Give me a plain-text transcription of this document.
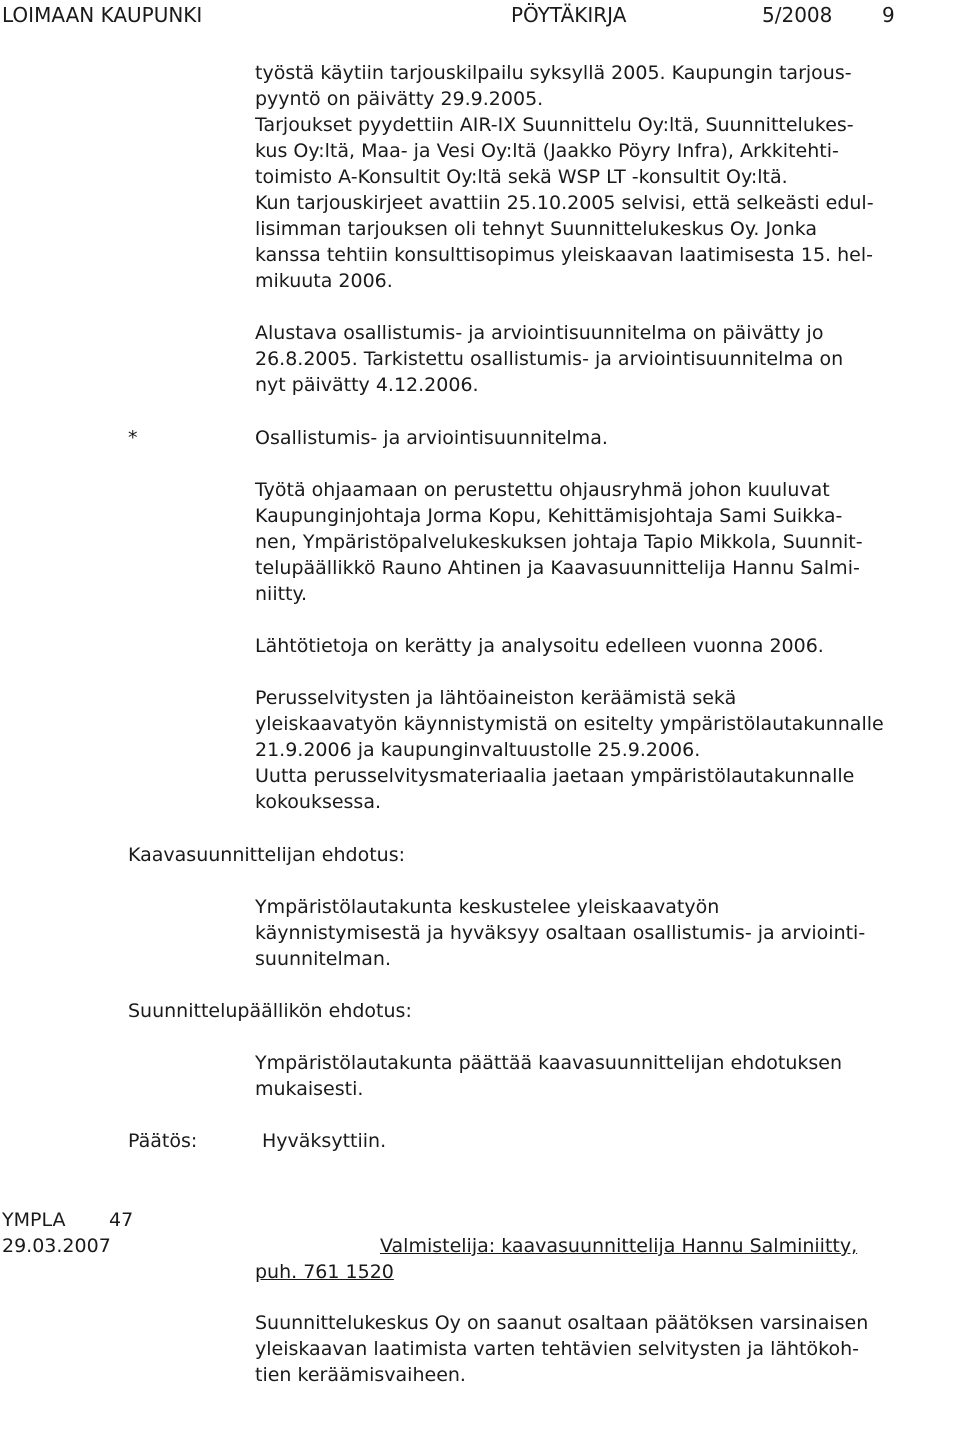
LOIMAAN KAUPUNKI	PÖYTÄKIRJA	5/2008 9
työstä käytiin tarjouskilpailu syksyllä 2005. Kaupungin tarjous-
pyyntö on päivätty 29.9.2005.
Tarjoukset pyydettiin AIR-IX Suunnittelu Oy:ltä, Suunnittelukes-
kus Oy:ltä, Maa- ja Vesi Oy:ltä (Jaakko Pöyry Infra), Arkkitehti-
toimisto A-Konsultit Oy:ltä sekä WSP LT -konsultit Oy:ltä.
Kun tarjouskirjeet avattiin 25.10.2005 selvisi, että selkeästi edul-
lisimman tarjouksen oli tehnyt Suunnittelukeskus Oy. Jonka
kanssa tehtiin konsulttisopimus yleiskaavan laatimisesta 15. hel-
mikuuta 2006.
Alustava osallistumis- ja arviointisuunnitelma on päivätty jo
26.8.2005. Tarkistettu osallistumis- ja arviointisuunnitelma on
nyt päivätty 4.12.2006.
*	Osallistumis- ja arviointisuunnitelma.
Työtä ohjaamaan on perustettu ohjausryhmä johon kuuluvat
Kaupunginjohtaja Jorma Kopu, Kehittämisjohtaja Sami Suikka-
nen, Ympäristöpalvelukeskuksen johtaja Tapio Mikkola, Suunnit-
telupäällikkö Rauno Ahtinen ja Kaavasuunnittelija Hannu Salmi-
niitty.
Lähtötietoja on kerätty ja analysoitu edelleen vuonna 2006.
Perusselvitysten ja lähtöaineiston keräämistä sekä
yleiskaavatyön käynnistymistä on esitelty ympäristölautakunnalle
21.9.2006 ja kaupunginvaltuustolle 25.9.2006.
Uutta perusselvitysmateriaalia jaetaan ympäristölautakunnalle
kokouksessa.
Kaavasuunnittelijan ehdotus:
Ympäristölautakunta keskustelee yleiskaavatyön
käynnistymisestä ja hyväksyy osaltaan osallistumis- ja arviointi-
suunnitelman.
Suunnittelupäällikön ehdotus:
Ympäristölautakunta päättää kaavasuunnittelijan ehdotuksen
mukaisesti.
Päätös:	Hyväksyttiin.
YMPLA 47
29.03.2007	Valmistelija: kaavasuunnittelija Hannu Salminiitty,
puh. 761 1520
Suunnittelukeskus Oy on saanut osaltaan päätöksen varsinaisen
yleiskaavan laatimista varten tehtävien selvitysten ja lähtökoh-
tien keräämisvaiheen.
